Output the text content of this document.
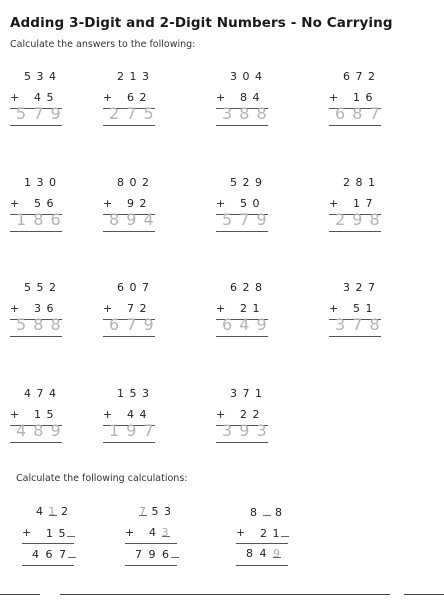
Adding 3-Digit and 2-Digit Numbers - No Carrying
Calculate the answers to the following:
5 3 4
+ 4 5
5 7 9
2 1 3
+ 6 2
2 7 5
3 0 4
+ 8 4
3 8 8
6 7 2
+ 1 6
6 8 7
1 3 0
+ 5 6
1 8 6
8 0 2
+ 9 2
8 9 4
5 2 9
+ 5 0
5 7 9
2 8 1
+ 1 7
2 9 8
5 5 2
+ 3 6
5 8 8
6 0 7
+ 7 2
6 7 9
6 2 8
+ 2 1
6 4 9
3 2 7
+ 5 1
3 7 8
4 7 4
+ 1 5
4 8 9
1 5 3
+ 4 4
1 9 7
3 7 1
+ 2 2
3 9 3
Calculate the following calculations:
4 1 2
+ 1 5
4 6 7
7 5 3
+ 4 3
7 9 6
8  8
+ 2 1
8 4 9
